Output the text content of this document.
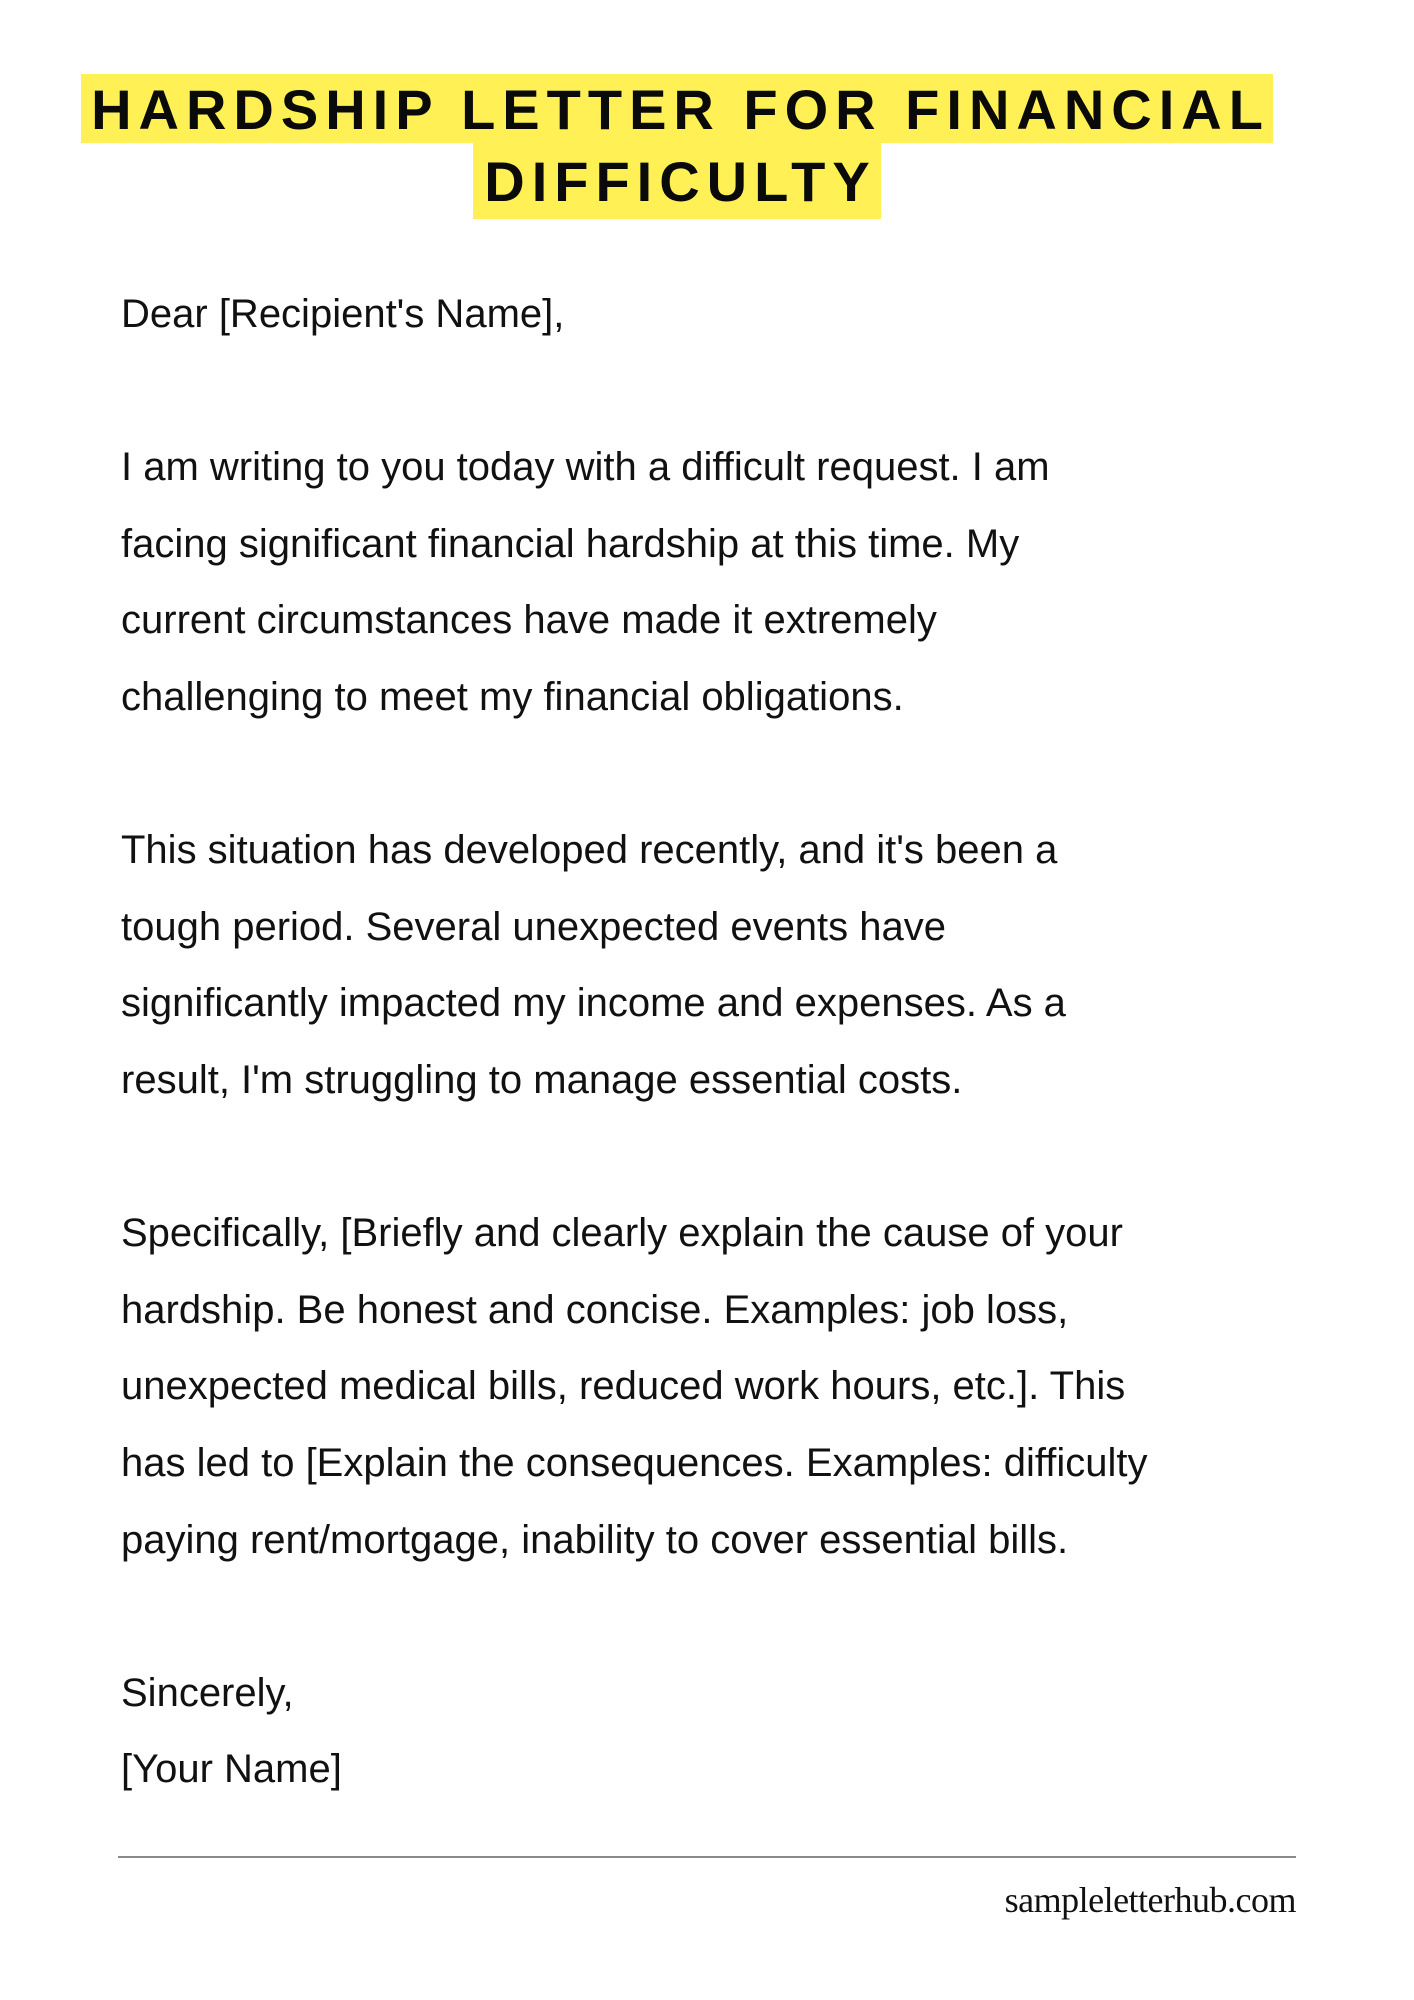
HARDSHIP LETTER FOR FINANCIAL
DIFFICULTY
Dear [Recipient's Name],
I am writing to you today with a difficult request. I am
facing significant financial hardship at this time. My
current circumstances have made it extremely
challenging to meet my financial obligations.
This situation has developed recently, and it's been a
tough period. Several unexpected events have
significantly impacted my income and expenses. As a
result, I'm struggling to manage essential costs.
Specifically, [Briefly and clearly explain the cause of your
hardship. Be honest and concise. Examples: job loss,
unexpected medical bills, reduced work hours, etc.]. This
has led to [Explain the consequences. Examples: difficulty
paying rent/mortgage, inability to cover essential bills.
Sincerely,
[Your Name]
sampleletterhub.com
